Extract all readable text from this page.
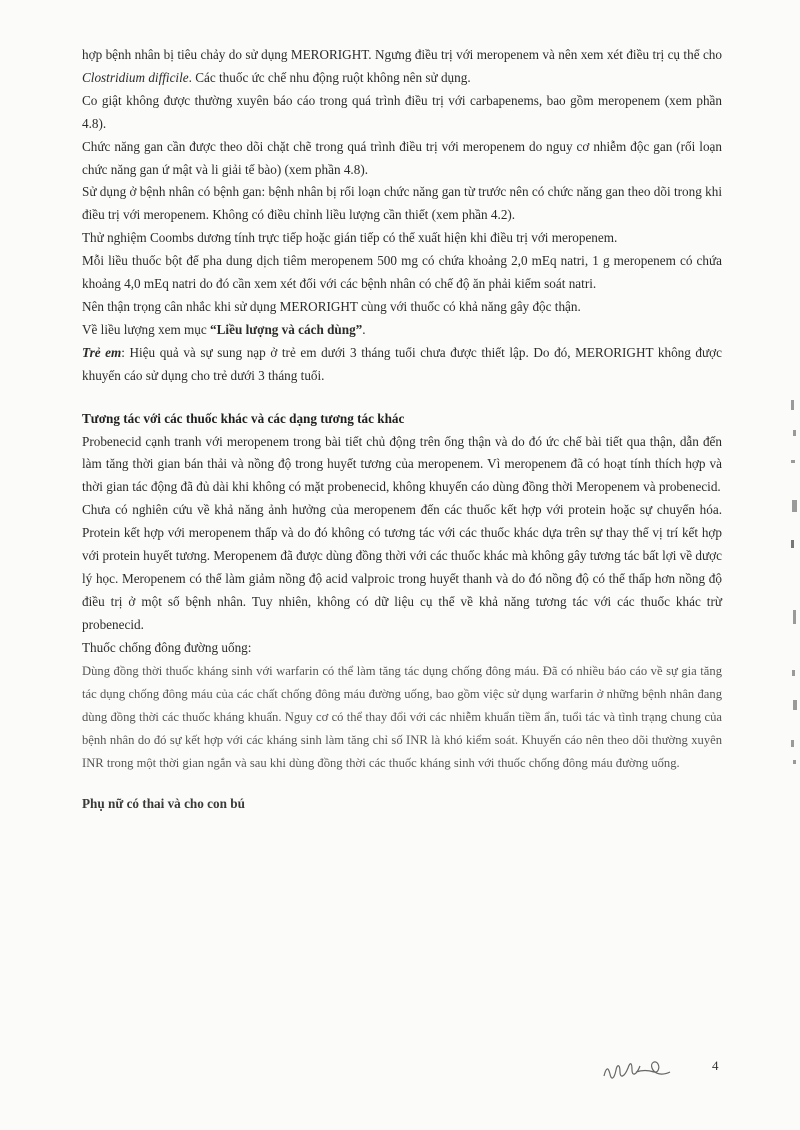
hợp bệnh nhân bị tiêu chảy do sử dụng MERORIGHT. Ngưng điều trị với meropenem và nên xem xét điều trị cụ thể cho Clostridium difficile. Các thuốc ức chế nhu động ruột không nên sử dụng.

Co giật không được thường xuyên báo cáo trong quá trình điều trị với carbapenems, bao gồm meropenem (xem phần 4.8).

Chức năng gan cần được theo dõi chặt chẽ trong quá trình điều trị với meropenem do nguy cơ nhiễm độc gan (rối loạn chức năng gan ứ mật và li giải tế bào) (xem phần 4.8).

Sử dụng ở bệnh nhân có bệnh gan: bệnh nhân bị rối loạn chức năng gan từ trước nên có chức năng gan theo dõi trong khi điều trị với meropenem. Không có điều chỉnh liều lượng cần thiết (xem phần 4.2).

Thử nghiệm Coombs dương tính trực tiếp hoặc gián tiếp có thể xuất hiện khi điều trị với meropenem.

Mỗi liều thuốc bột để pha dung dịch tiêm meropenem 500 mg có chứa khoảng 2,0 mEq natri, 1 g meropenem có chứa khoảng 4,0 mEq natri do đó cần xem xét đối với các bệnh nhân có chế độ ăn phải kiểm soát natri.

Nên thận trọng cân nhắc khi sử dụng MERORIGHT cùng với thuốc có khả năng gây độc thận.

Về liều lượng xem mục “Liều lượng và cách dùng”.

Trẻ em: Hiệu quả và sự sung nạp ở trẻ em dưới 3 tháng tuổi chưa được thiết lập. Do đó, MERORIGHT không được khuyến cáo sử dụng cho trẻ dưới 3 tháng tuổi.

Tương tác với các thuốc khác và các dạng tương tác khác

Probenecid cạnh tranh với meropenem trong bài tiết chủ động trên ống thận và do đó ức chế bài tiết qua thận, dẫn đến làm tăng thời gian bán thải và nồng độ trong huyết tương của meropenem. Vì meropenem đã có hoạt tính thích hợp và thời gian tác động đã đủ dài khi không có mặt probenecid, không khuyến cáo dùng đồng thời Meropenem và probenecid.

Chưa có nghiên cứu về khả năng ảnh hưởng của meropenem đến các thuốc kết hợp với protein hoặc sự chuyển hóa. Protein kết hợp với meropenem thấp và do đó không có tương tác với các thuốc khác dựa trên sự thay thế vị trí kết hợp với protein huyết tương. Meropenem đã được dùng đồng thời với các thuốc khác mà không gây tương tác bất lợi về dược lý học. Meropenem có thể làm giảm nồng độ acid valproic trong huyết thanh và do đó nồng độ có thể thấp hơn nồng độ điều trị ở một số bệnh nhân. Tuy nhiên, không có dữ liệu cụ thể về khả năng tương tác với các thuốc khác trừ probenecid.

Thuốc chống đông đường uống:

Dùng đồng thời thuốc kháng sinh với warfarin có thể làm tăng tác dụng chống đông máu. Đã có nhiều báo cáo về sự gia tăng tác dụng chống đông máu của các chất chống đông máu đường uống, bao gồm việc sử dụng warfarin ở những bệnh nhân đang dùng đồng thời các thuốc kháng khuẩn. Nguy cơ có thể thay đổi với các nhiễm khuẩn tiềm ẩn, tuổi tác và tình trạng chung của bệnh nhân do đó sự kết hợp với các kháng sinh làm tăng chỉ số INR là khó kiểm soát. Khuyến cáo nên theo dõi thường xuyên INR trong một thời gian ngắn và sau khi dùng đồng thời các thuốc kháng sinh với thuốc chống đông máu đường uống.

Phụ nữ có thai và cho con bú

4
